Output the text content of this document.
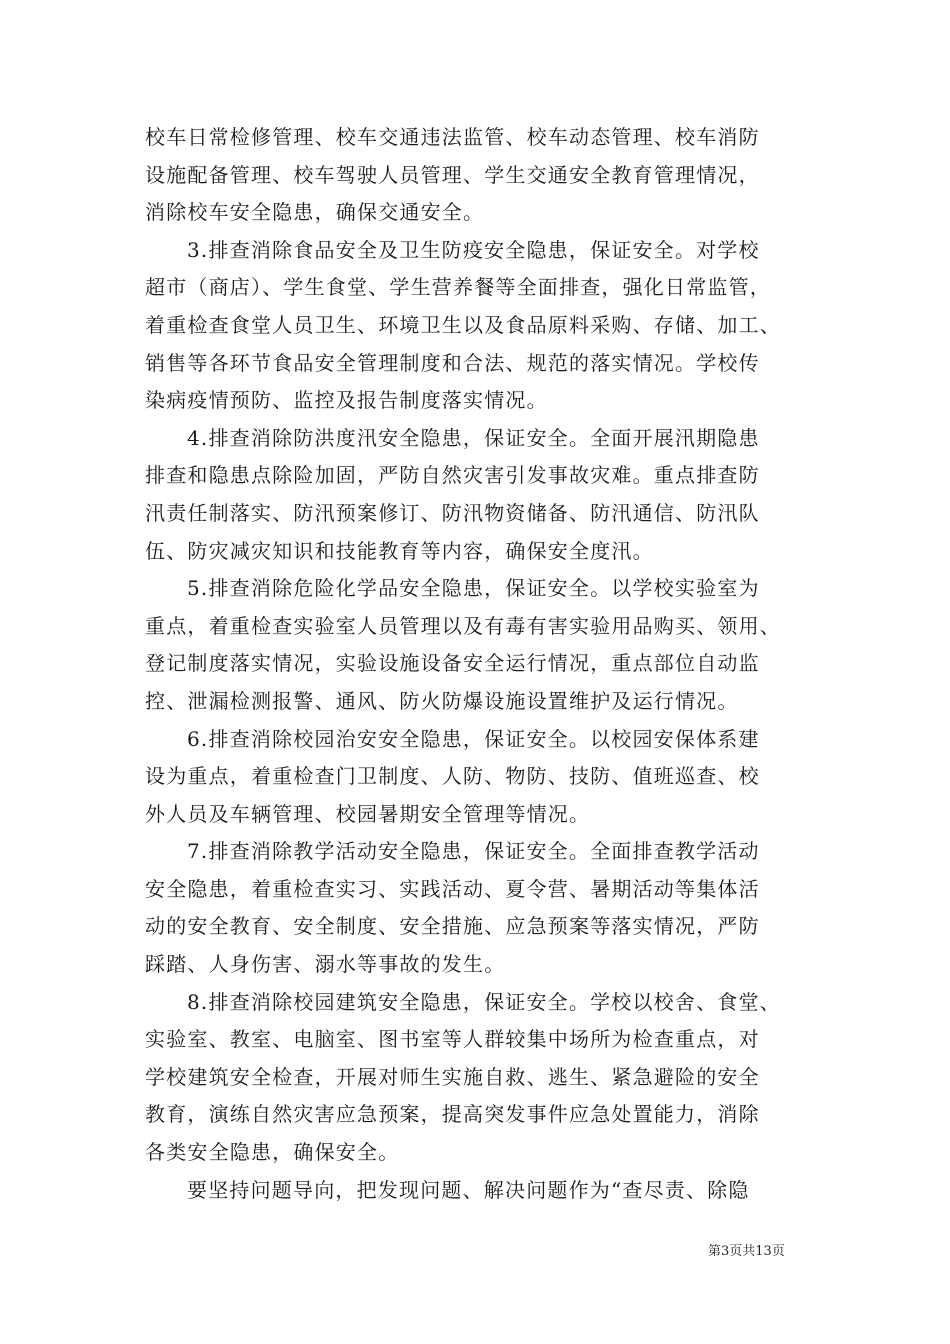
校车日常检修管理、校车交通违法监管、校车动态管理、校车消防
设施配备管理、校车驾驶人员管理、学生交通安全教育管理情况，
消除校车安全隐患，确保交通安全。
3.排查消除食品安全及卫生防疫安全隐患，保证安全。对学校
超市（商店）、学生食堂、学生营养餐等全面排查，强化日常监管，
着重检查食堂人员卫生、环境卫生以及食品原料采购、存储、加工、
销售等各环节食品安全管理制度和合法、规范的落实情况。学校传
染病疫情预防、监控及报告制度落实情况。
4.排查消除防洪度汛安全隐患，保证安全。全面开展汛期隐患
排查和隐患点除险加固，严防自然灾害引发事故灾难。重点排查防
汛责任制落实、防汛预案修订、防汛物资储备、防汛通信、防汛队
伍、防灾减灾知识和技能教育等内容，确保安全度汛。
5.排查消除危险化学品安全隐患，保证安全。以学校实验室为
重点，着重检查实验室人员管理以及有毒有害实验用品购买、领用、
登记制度落实情况，实验设施设备安全运行情况，重点部位自动监
控、泄漏检测报警、通风、防火防爆设施设置维护及运行情况。
6.排查消除校园治安安全隐患，保证安全。以校园安保体系建
设为重点，着重检查门卫制度、人防、物防、技防、值班巡查、校
外人员及车辆管理、校园暑期安全管理等情况。
7.排查消除教学活动安全隐患，保证安全。全面排查教学活动
安全隐患，着重检查实习、实践活动、夏令营、暑期活动等集体活
动的安全教育、安全制度、安全措施、应急预案等落实情况，严防
踩踏、人身伤害、溺水等事故的发生。
8.排查消除校园建筑安全隐患，保证安全。学校以校舍、食堂、
实验室、教室、电脑室、图书室等人群较集中场所为检查重点，对
学校建筑安全检查，开展对师生实施自救、逃生、紧急避险的安全
教育，演练自然灾害应急预案，提高突发事件应急处置能力，消除
各类安全隐患，确保安全。
要坚持问题导向，把发现问题、解决问题作为“查尽责、除隐
第3页共13页
